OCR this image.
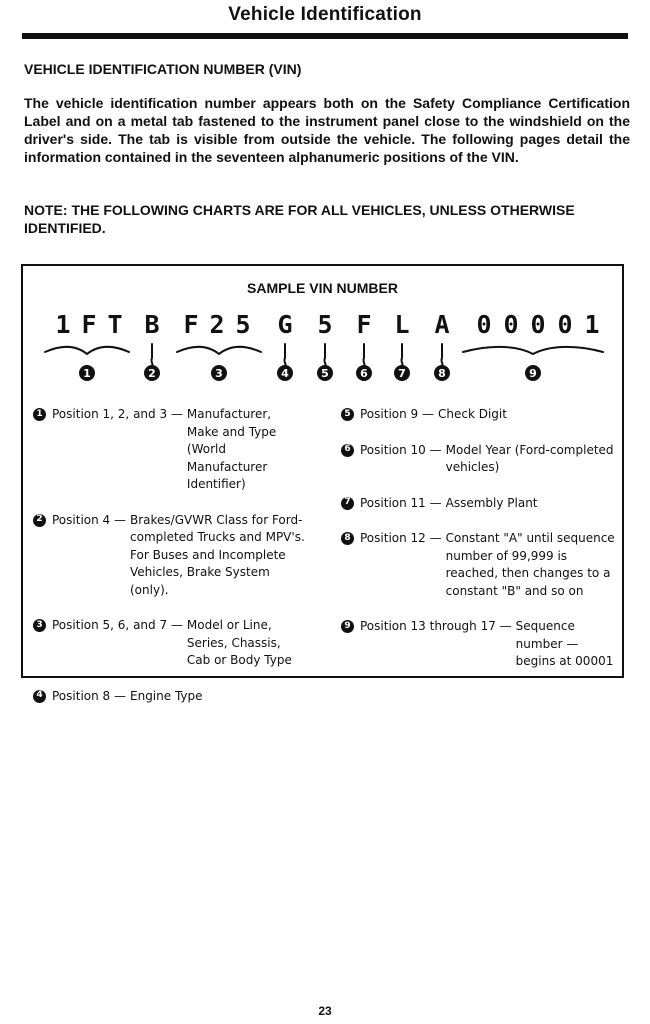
Vehicle Identification
VEHICLE IDENTIFICATION NUMBER (VIN)
The vehicle identification number appears both on the Safety Compliance Certification Label and on a metal tab fastened to the instrument panel close to the windshield on the driver's side. The tab is visible from outside the vehicle. The following pages detail the information contained in the seventeen alphanumeric positions of the VIN.
NOTE: THE FOLLOWING CHARTS ARE FOR ALL VEHICLES, UNLESS OTHERWISE IDENTIFIED.
SAMPLE VIN NUMBER
1 F T B F 2 5 G 5 F L A 0 0 0 0 1
1	2	3	4	5	6	7	8	9
1 Position 1, 2, and 3 — Manufacturer, Make and Type (World Manufacturer Identifier)
2 Position 4 — Brakes/GVWR Class for Ford-completed Trucks and MPV's. For Buses and Incomplete Vehicles, Brake System (only).
3 Position 5, 6, and 7 — Model or Line, Series, Chassis, Cab or Body Type
4 Position 8 — Engine Type
5 Position 9 — Check Digit
6 Position 10 — Model Year (Ford-completed vehicles)
7 Position 11 — Assembly Plant
8 Position 12 — Constant "A" until sequence number of 99,999 is reached, then changes to a constant "B" and so on
9 Position 13 through 17 — Sequence number — begins at 00001
23
